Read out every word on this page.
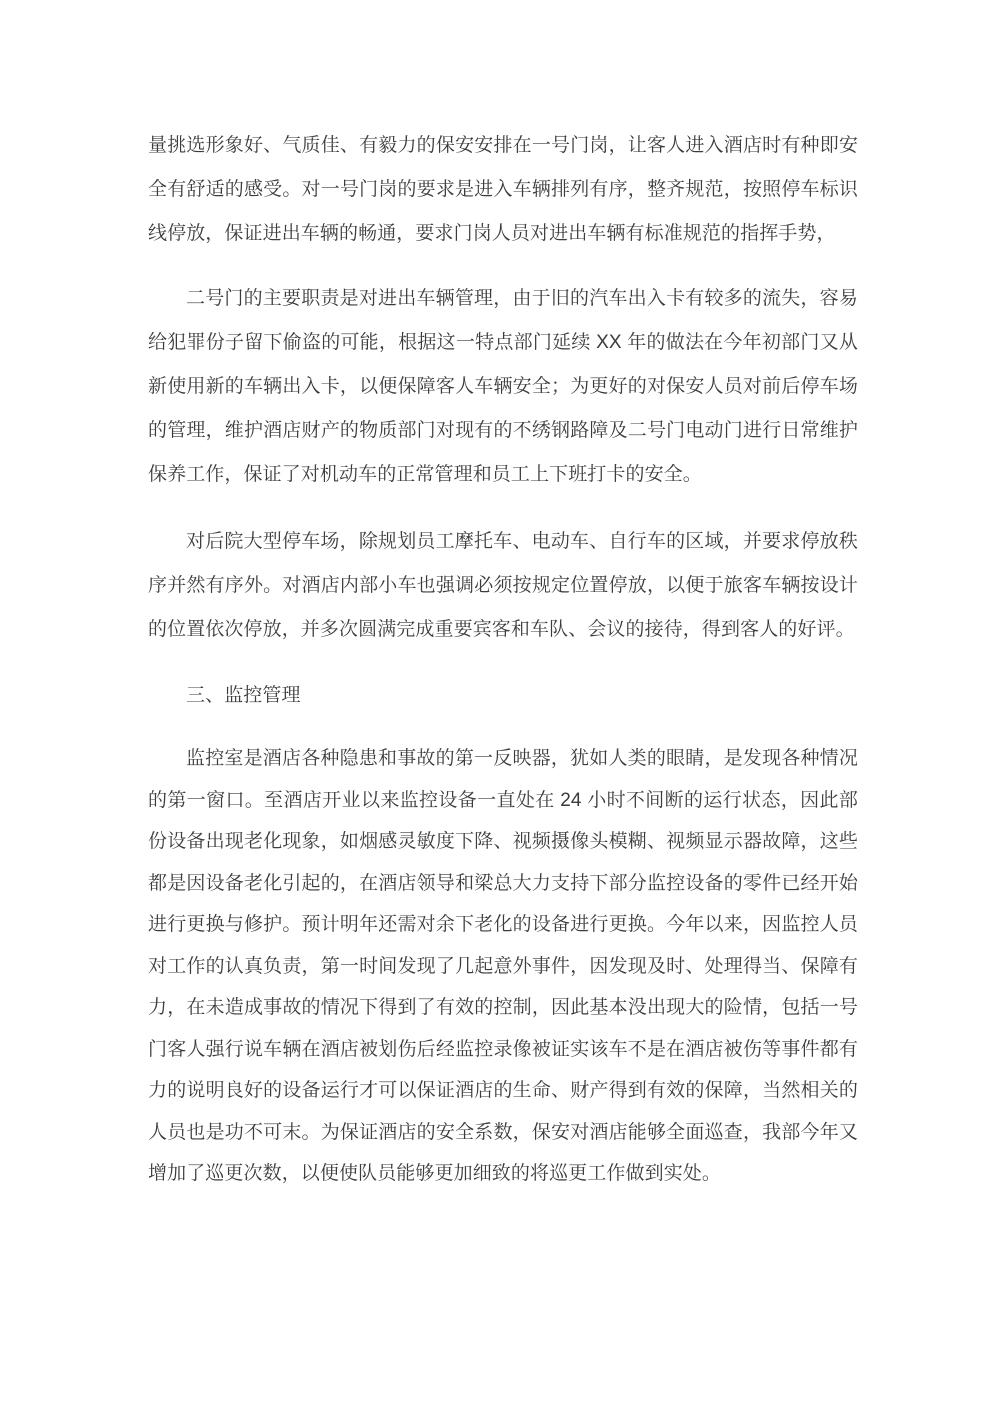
量挑选形象好、气质佳、有毅力的保安安排在一号门岗，让客人进入酒店时有种即安全有舒适的感受。对一号门岗的要求是进入车辆排列有序，整齐规范，按照停车标识线停放，保证进出车辆的畅通，要求门岗人员对进出车辆有标准规范的指挥手势，

二号门的主要职责是对进出车辆管理，由于旧的汽车出入卡有较多的流失，容易给犯罪份子留下偷盗的可能，根据这一特点部门延续 XX 年的做法在今年初部门又从新使用新的车辆出入卡，以便保障客人车辆安全；为更好的对保安人员对前后停车场的管理，维护酒店财产的物质部门对现有的不绣钢路障及二号门电动门进行日常维护保养工作，保证了对机动车的正常管理和员工上下班打卡的安全。

对后院大型停车场，除规划员工摩托车、电动车、自行车的区域，并要求停放秩序并然有序外。对酒店内部小车也强调必须按规定位置停放，以便于旅客车辆按设计的位置依次停放，并多次圆满完成重要宾客和车队、会议的接待，得到客人的好评。

三、监控管理

监控室是酒店各种隐患和事故的第一反映器，犹如人类的眼睛，是发现各种情况的第一窗口。至酒店开业以来监控设备一直处在 24 小时不间断的运行状态，因此部份设备出现老化现象，如烟感灵敏度下降、视频摄像头模糊、视频显示器故障，这些都是因设备老化引起的，在酒店领导和梁总大力支持下部分监控设备的零件已经开始进行更换与修护。预计明年还需对余下老化的设备进行更换。今年以来，因监控人员对工作的认真负责，第一时间发现了几起意外事件，因发现及时、处理得当、保障有力，在未造成事故的情况下得到了有效的控制，因此基本没出现大的险情，包括一号门客人强行说车辆在酒店被划伤后经监控录像被证实该车不是在酒店被伤等事件都有力的说明良好的设备运行才可以保证酒店的生命、财产得到有效的保障，当然相关的人员也是功不可末。为保证酒店的安全系数，保安对酒店能够全面巡查，我部今年又增加了巡更次数，以便使队员能够更加细致的将巡更工作做到实处。
